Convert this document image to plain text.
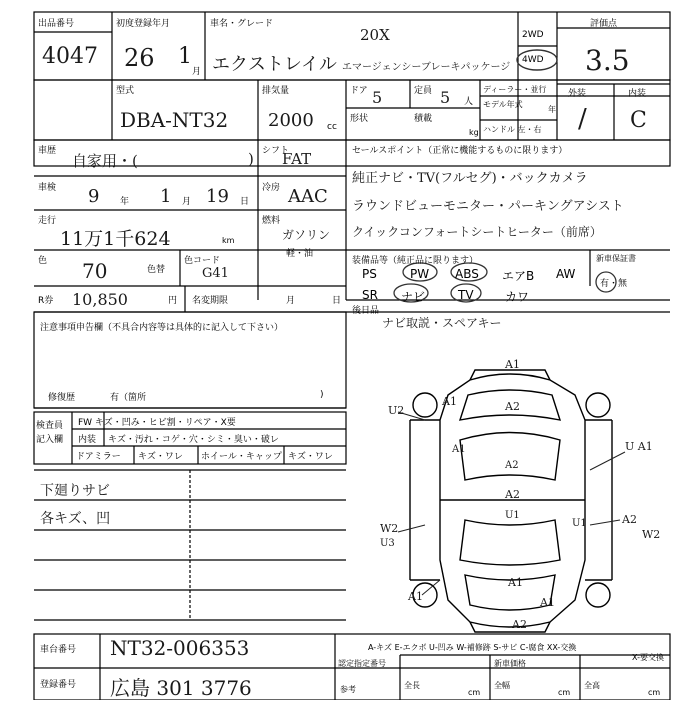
出品番号
4047
初度登録年月
26 1
月
車名・グレード
エクストレイル
20X
エマージェンシーブレーキパッケージ
2WD
4WD
評価点
3.5
型式
DBA-NT32
排気量
2000 cc
ドア 5	定員 5 人
ディーラー・並行
形状	積載
kg
モデル年式
年
ハンドル 左・右
外装	内装
/ C
車歴
自家用・(	) シフト
FAT	セールスポイント（正常に機能するものに限ります）
純正ナビ・TV(フルセグ)・バックカメラ
ラウンドビューモニター・パーキングアシスト
クイックコンフォートシートヒーター（前席）
車検 9 年 1 月 19 日
冷房 AAC
走行
11万1千624	km
燃料
ガソリン
軽・油
色 70	色替
色コード
G41
装備品等（純正品に限ります）	新車保証書
有・無
PS	PW ABS エアB AW
SR ナビ	TV	カワ
R券 10,850	円 名変期限	月	日
後日品
ナビ取説・スペアキー
注意事項申告欄（不具合内容等は具体的に記入して下さい）
修復歴	有（箇所	)
検査員
記入欄
FW キズ・凹み・ヒビ割・リペア・X要
内装 キズ・汚れ・コゲ・穴・シミ・臭い・破レ
ドアミラー キズ・ワレ ホイール・キャップ キズ・ワレ
下廻りサビ
各キズ、凹
A1
A1	A2
U2
A1
A2
A2
U1
U1
W2
U3
A1
A1
A2
A1
U A1
A2
W2
車台番号 NT32-006353
登録番号 広島 301 3776
A-キズ E-エクボ U-凹み W-補修跡 S-サビ C-腐食 XX-交換
X-要交換
認定指定番号
参考
新車価格
全長
cm
全幅
cm
全高
cm
